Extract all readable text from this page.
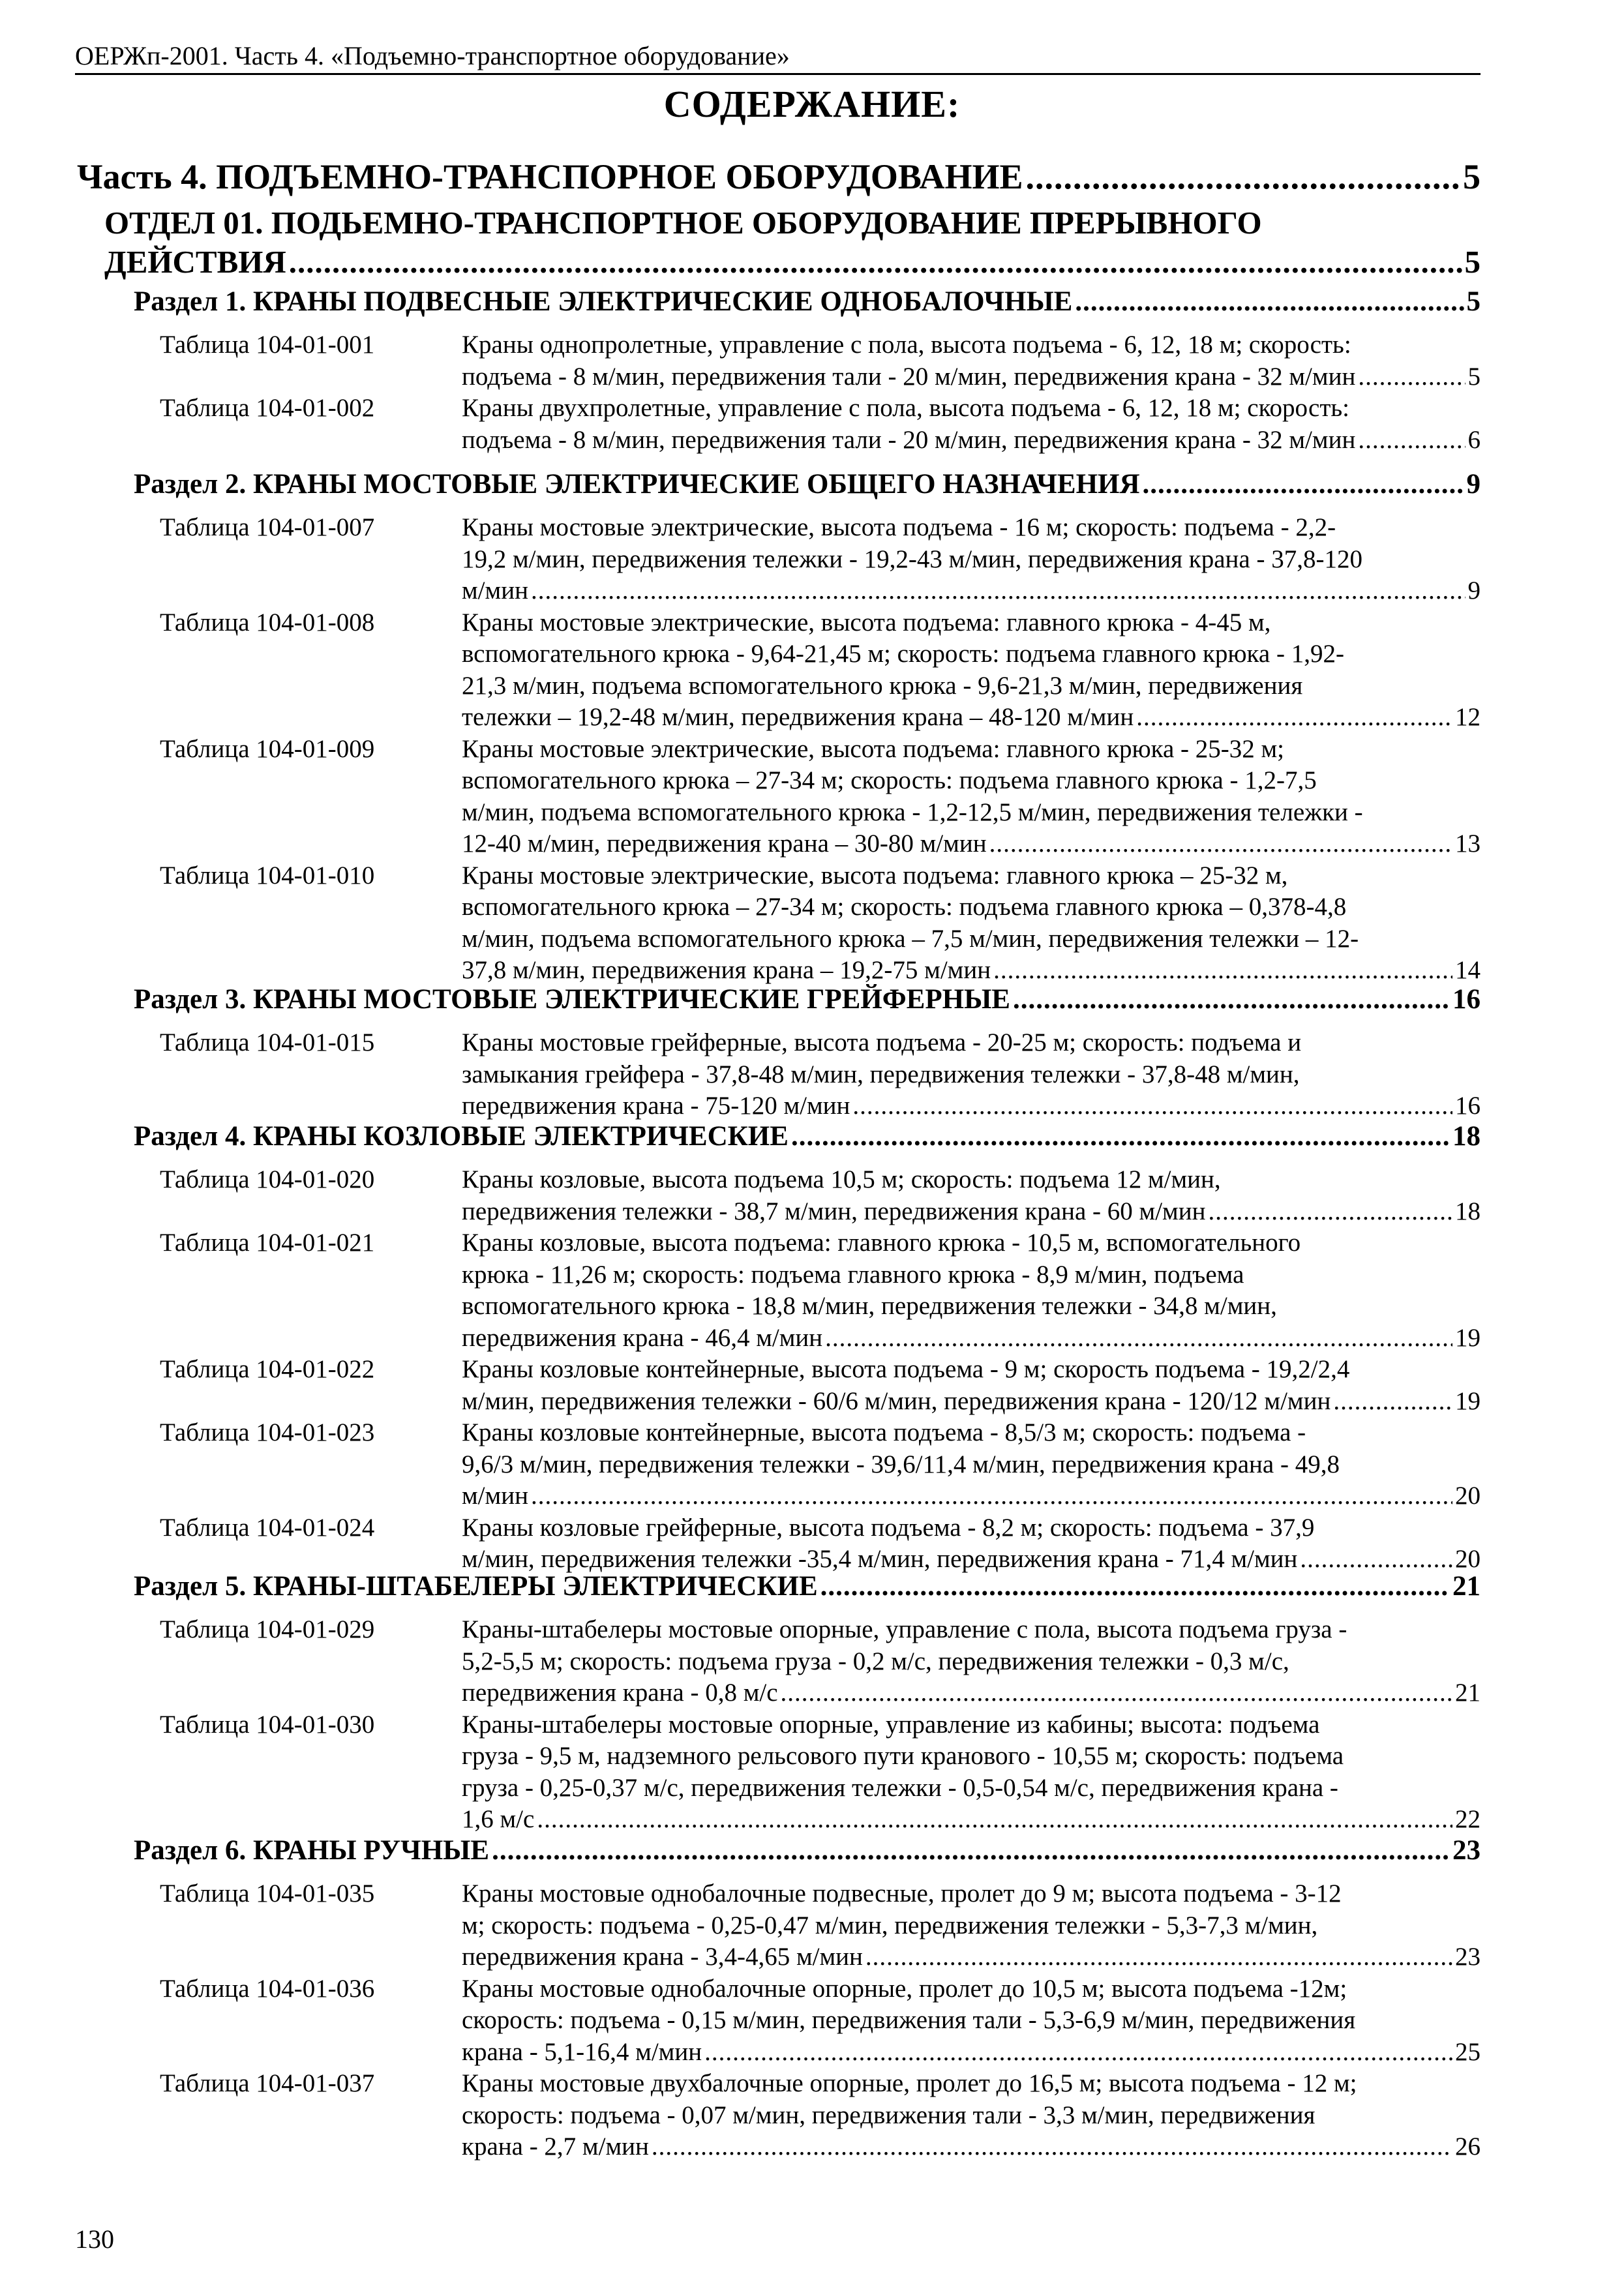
ОЕРЖп-2001. Часть 4. «Подъемно-транспортное оборудование»
СОДЕРЖАНИЕ:
Часть 4. ПОДЪЕМНО-ТРАНСПОРНОЕ ОБОРУДОВАНИЕ .....	5
ОТДЕЛ 01. ПОДЬЕМНО-ТРАНСПОРТНОЕ ОБОРУДОВАНИЕ ПРЕРЫВНОГО
ДЕЙСТВИЯ .....	5
Раздел 1. КРАНЫ ПОДВЕСНЫЕ ЭЛЕКТРИЧЕСКИЕ ОДНОБАЛОЧНЫЕ .....	5
Таблица 104-01-001	Краны однопролетные, управление с пола, высота подъема - 6, 12, 18 м; скорость:
подъема - 8 м/мин, передвижения тали - 20 м/мин, передвижения крана - 32 м/мин .....	5
Таблица 104-01-002	Краны двухпролетные, управление с пола, высота подъема - 6, 12, 18 м; скорость:
подъема - 8 м/мин, передвижения тали - 20 м/мин, передвижения крана - 32 м/мин .....	6
Раздел 2. КРАНЫ МОСТОВЫЕ ЭЛЕКТРИЧЕСКИЕ ОБЩЕГО НАЗНАЧЕНИЯ .....	9
Таблица 104-01-007	Краны мостовые электрические, высота подъема - 16 м; скорость: подъема - 2,2-
19,2 м/мин, передвижения тележки - 19,2-43 м/мин, передвижения крана - 37,8-120
м/мин .....	9
Таблица 104-01-008	Краны мостовые электрические, высота подъема: главного крюка - 4-45 м,
вспомогательного крюка - 9,64-21,45 м; скорость: подъема главного крюка - 1,92-
21,3 м/мин, подъема вспомогательного крюка - 9,6-21,3 м/мин, передвижения
тележки – 19,2-48 м/мин, передвижения крана – 48-120 м/мин .....	12
Таблица 104-01-009	Краны мостовые электрические, высота подъема: главного крюка - 25-32 м;
вспомогательного крюка – 27-34 м; скорость: подъема главного крюка - 1,2-7,5
м/мин, подъема вспомогательного крюка - 1,2-12,5 м/мин, передвижения тележки -
12-40 м/мин, передвижения крана – 30-80 м/мин .....	13
Таблица 104-01-010	Краны мостовые электрические, высота подъема: главного крюка – 25-32 м,
вспомогательного крюка – 27-34 м; скорость: подъема главного крюка – 0,378-4,8
м/мин, подъема вспомогательного крюка – 7,5 м/мин, передвижения тележки – 12-
37,8 м/мин, передвижения крана – 19,2-75 м/мин .....	14
Раздел 3. КРАНЫ МОСТОВЫЕ ЭЛЕКТРИЧЕСКИЕ ГРЕЙФЕРНЫЕ .....	16
Таблица 104-01-015	Краны мостовые грейферные, высота подъема - 20-25 м; скорость: подъема и
замыкания грейфера - 37,8-48 м/мин, передвижения тележки - 37,8-48 м/мин,
передвижения крана - 75-120 м/мин .....	16
Раздел 4. КРАНЫ КОЗЛОВЫЕ ЭЛЕКТРИЧЕСКИЕ .....	18
Таблица 104-01-020	Краны козловые, высота подъема 10,5 м; скорость: подъема 12 м/мин,
передвижения тележки - 38,7 м/мин, передвижения крана - 60 м/мин .....	18
Таблица 104-01-021	Краны козловые, высота подъема: главного крюка - 10,5 м, вспомогательного
крюка - 11,26 м; скорость: подъема главного крюка - 8,9 м/мин, подъема
вспомогательного крюка - 18,8 м/мин, передвижения тележки - 34,8 м/мин,
передвижения крана - 46,4 м/мин .....	19
Таблица 104-01-022	Краны козловые контейнерные, высота подъема - 9 м; скорость подъема - 19,2/2,4
м/мин, передвижения тележки - 60/6 м/мин, передвижения крана - 120/12 м/мин .....	19
Таблица 104-01-023	Краны козловые контейнерные, высота подъема - 8,5/3 м; скорость: подъема -
9,6/3 м/мин, передвижения тележки - 39,6/11,4 м/мин, передвижения крана - 49,8
м/мин .....	20
Таблица 104-01-024	Краны козловые грейферные, высота подъема - 8,2 м; скорость: подъема - 37,9
м/мин, передвижения тележки -35,4 м/мин, передвижения крана - 71,4 м/мин .....	20
Раздел 5. КРАНЫ-ШТАБЕЛЕРЫ ЭЛЕКТРИЧЕСКИЕ .....	21
Таблица 104-01-029	Краны-штабелеры мостовые опорные, управление с пола, высота подъема груза -
5,2-5,5 м; скорость: подъема груза - 0,2 м/с, передвижения тележки - 0,3 м/с,
передвижения крана - 0,8 м/с .....	21
Таблица 104-01-030	Краны-штабелеры мостовые опорные, управление из кабины; высота: подъема
груза - 9,5 м, надземного рельсового пути кранового - 10,55 м; скорость: подъема
груза - 0,25-0,37 м/с, передвижения тележки - 0,5-0,54 м/с, передвижения крана -
1,6 м/с .....	22
Раздел 6. КРАНЫ РУЧНЫЕ .....	23
Таблица 104-01-035	Краны мостовые однобалочные подвесные, пролет до 9 м; высота подъема - 3-12
м; скорость: подъема - 0,25-0,47 м/мин, передвижения тележки - 5,3-7,3 м/мин,
передвижения крана - 3,4-4,65 м/мин .....	23
Таблица 104-01-036	Краны мостовые однобалочные опорные, пролет до 10,5 м; высота подъема -12м;
скорость: подъема - 0,15 м/мин, передвижения тали - 5,3-6,9 м/мин, передвижения
крана - 5,1-16,4 м/мин .....	25
Таблица 104-01-037	Краны мостовые двухбалочные опорные, пролет до 16,5 м; высота подъема - 12 м;
скорость: подъема - 0,07 м/мин, передвижения тали - 3,3 м/мин, передвижения
крана - 2,7 м/мин .....	26
130
